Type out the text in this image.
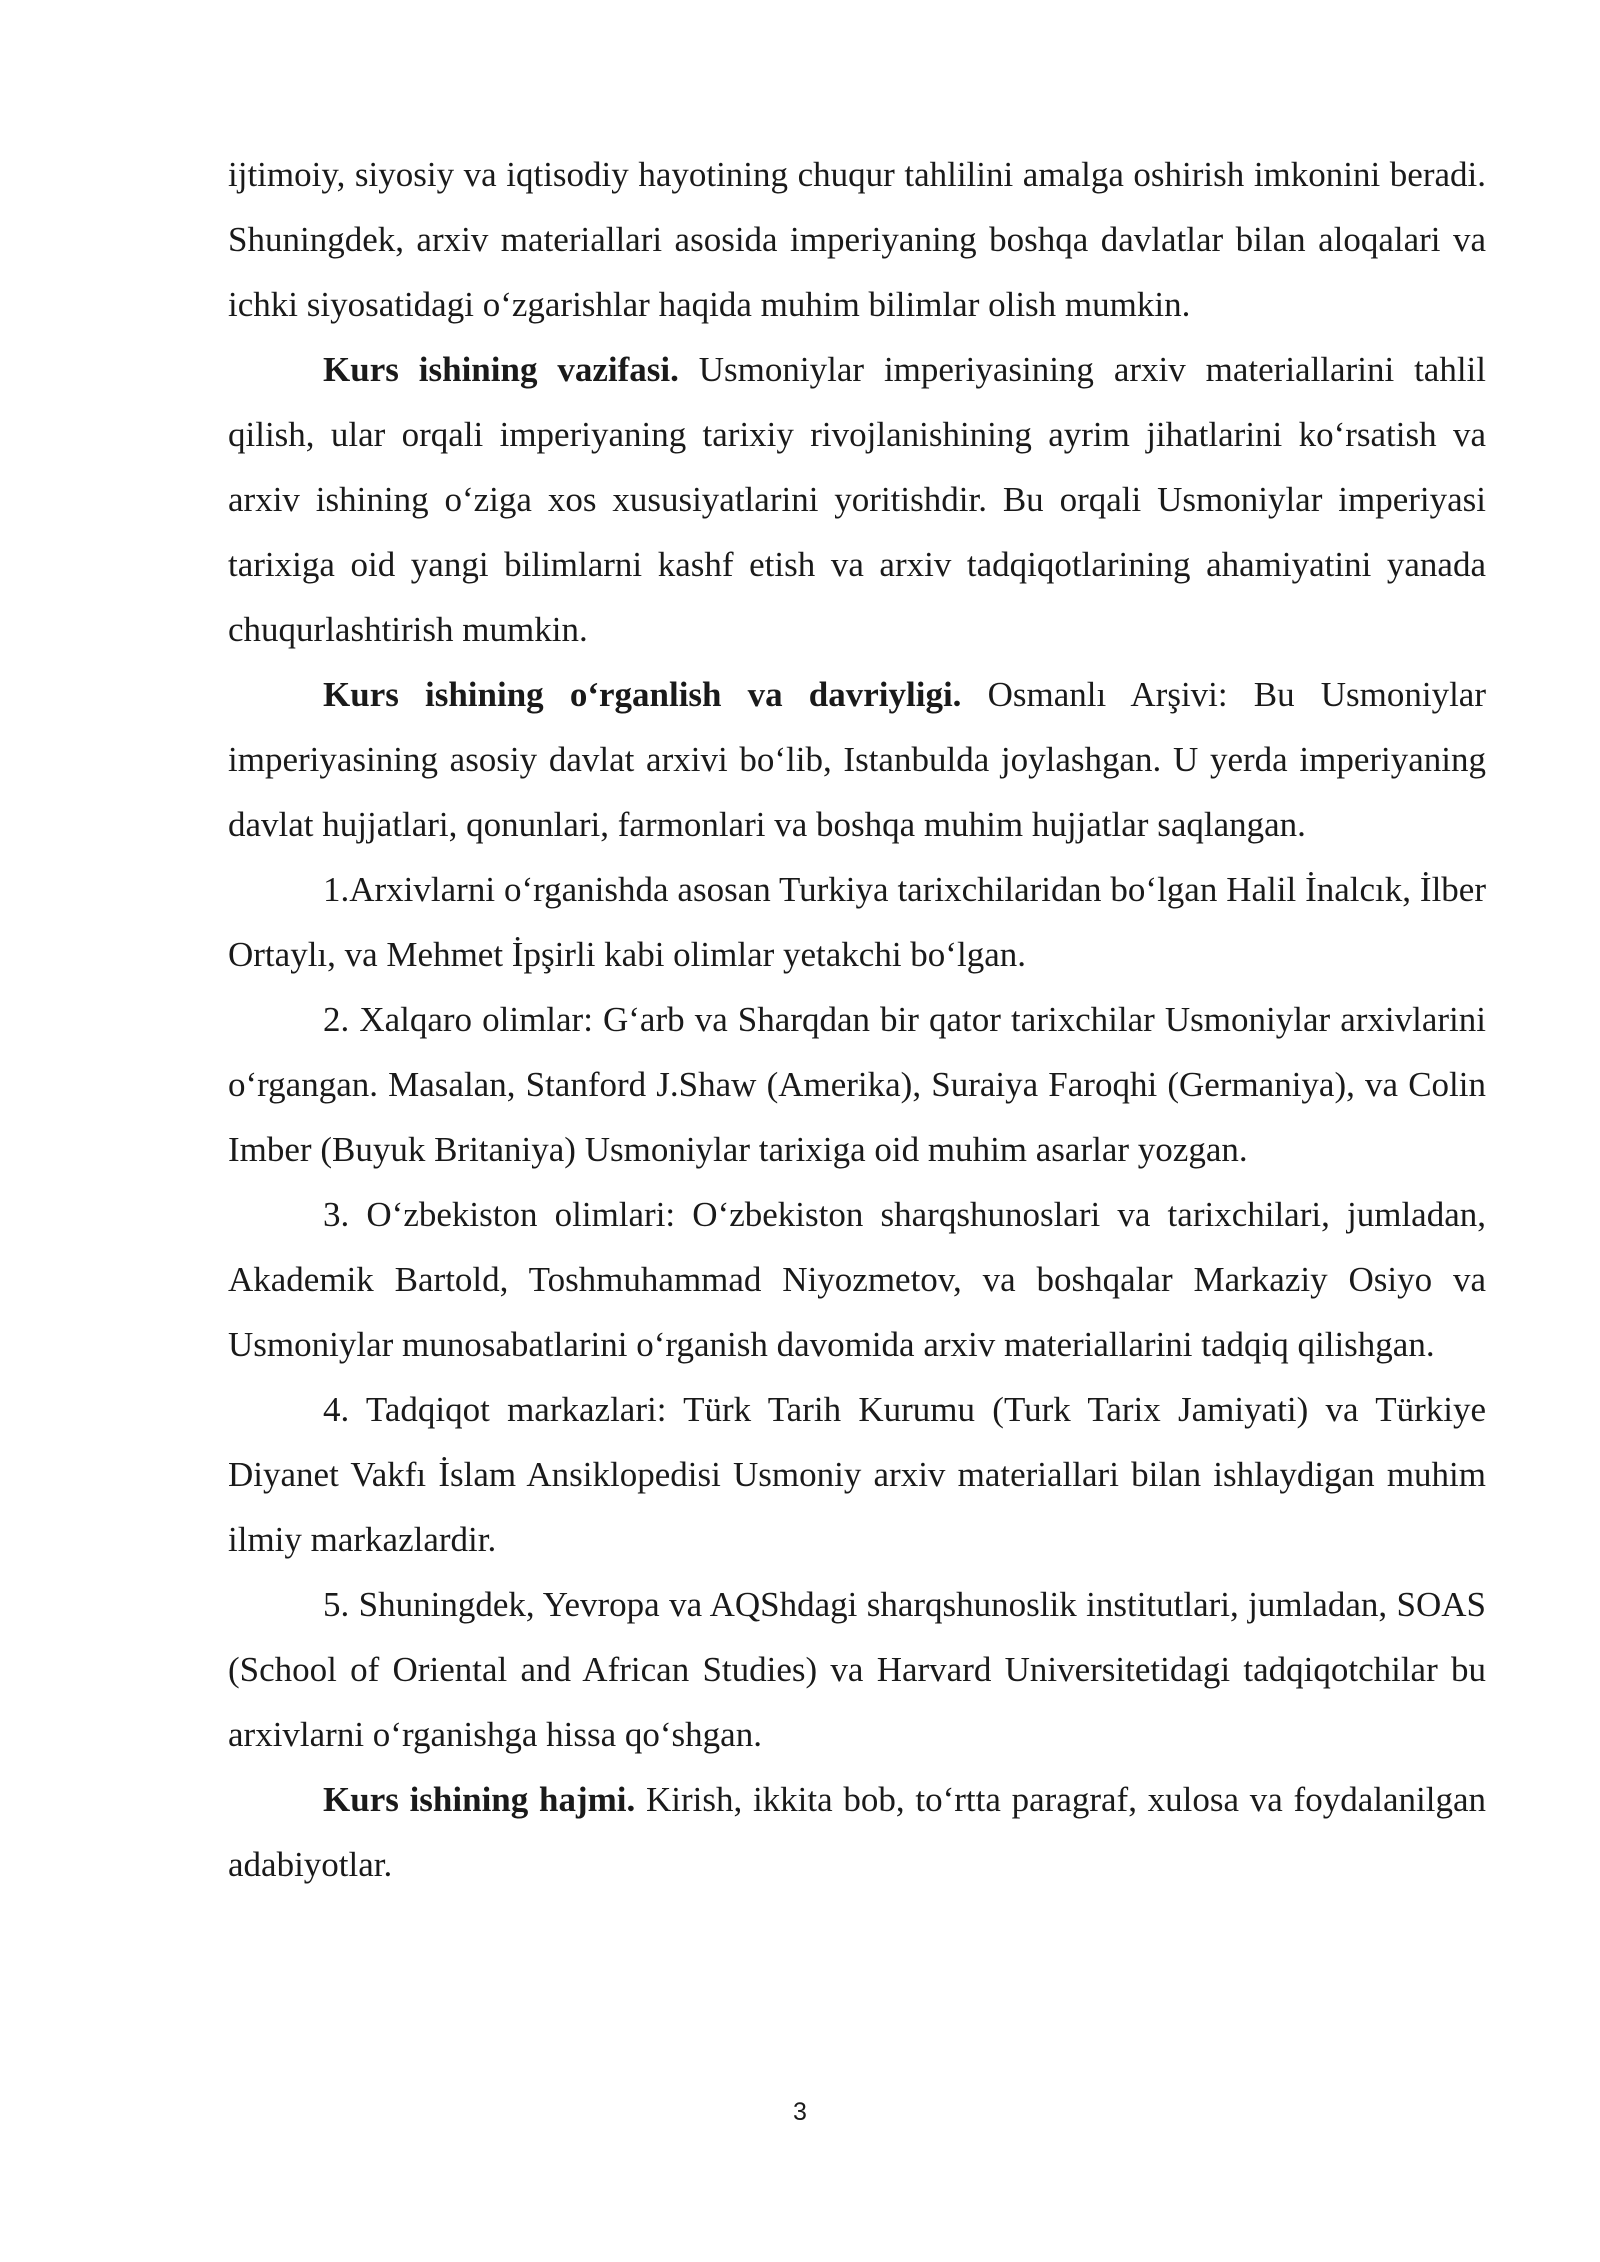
ijtimoiy, siyosiy va iqtisodiy hayotining chuqur tahlilini amalga oshirish imkonini beradi. Shuningdek, arxiv materiallari asosida imperiyaning boshqa davlatlar bilan aloqalari va ichki siyosatidagi oʻzgarishlar haqida muhim bilimlar olish mumkin.

Kurs ishining vazifasi. Usmoniylar imperiyasining arxiv materiallarini tahlil qilish, ular orqali imperiyaning tarixiy rivojlanishining ayrim jihatlarini koʻrsatish va arxiv ishining oʻziga xos xususiyatlarini yoritishdir. Bu orqali Usmoniylar imperiyasi tarixiga oid yangi bilimlarni kashf etish va arxiv tadqiqotlarining ahamiyatini yanada chuqurlashtirish mumkin.

Kurs ishining oʻrganlish va davriyligi. Osmanlı Arşivi: Bu Usmoniylar imperiyasining asosiy davlat arxivi boʻlib, Istanbulda joylashgan. U yerda imperiyaning davlat hujjatlari, qonunlari, farmonlari va boshqa muhim hujjatlar saqlangan.

1.Arxivlarni oʻrganishda asosan Turkiya tarixchilaridan boʻlgan Halil İnalcık, İlber Ortaylı, va Mehmet İpşirli kabi olimlar yetakchi boʻlgan.

2. Xalqaro olimlar: Gʻarb va Sharqdan bir qator tarixchilar Usmoniylar arxivlarini oʻrgangan. Masalan, Stanford J.Shaw (Amerika), Suraiya Faroqhi (Germaniya), va Colin Imber (Buyuk Britaniya) Usmoniylar tarixiga oid muhim asarlar yozgan.

3. Oʻzbekiston olimlari: Oʻzbekiston sharqshunoslari va tarixchilari, jumladan, Akademik Bartold, Toshmuhammad Niyozmetov, va boshqalar Markaziy Osiyo va Usmoniylar munosabatlarini oʻrganish davomida arxiv materiallarini tadqiq qilishgan.

4. Tadqiqot markazlari: Türk Tarih Kurumu (Turk Tarix Jamiyati) va Türkiye Diyanet Vakfı İslam Ansiklopedisi Usmoniy arxiv materiallari bilan ishlaydigan muhim ilmiy markazlardir.

5. Shuningdek, Yevropa va AQShdagi sharqshunoslik institutlari, jumladan, SOAS (School of Oriental and African Studies) va Harvard Universitetidagi tadqiqotchilar bu arxivlarni oʻrganishga hissa qoʻshgan.

Kurs ishining hajmi. Kirish, ikkita bob, toʻrtta paragraf, xulosa va foydalanilgan adabiyotlar.

3
